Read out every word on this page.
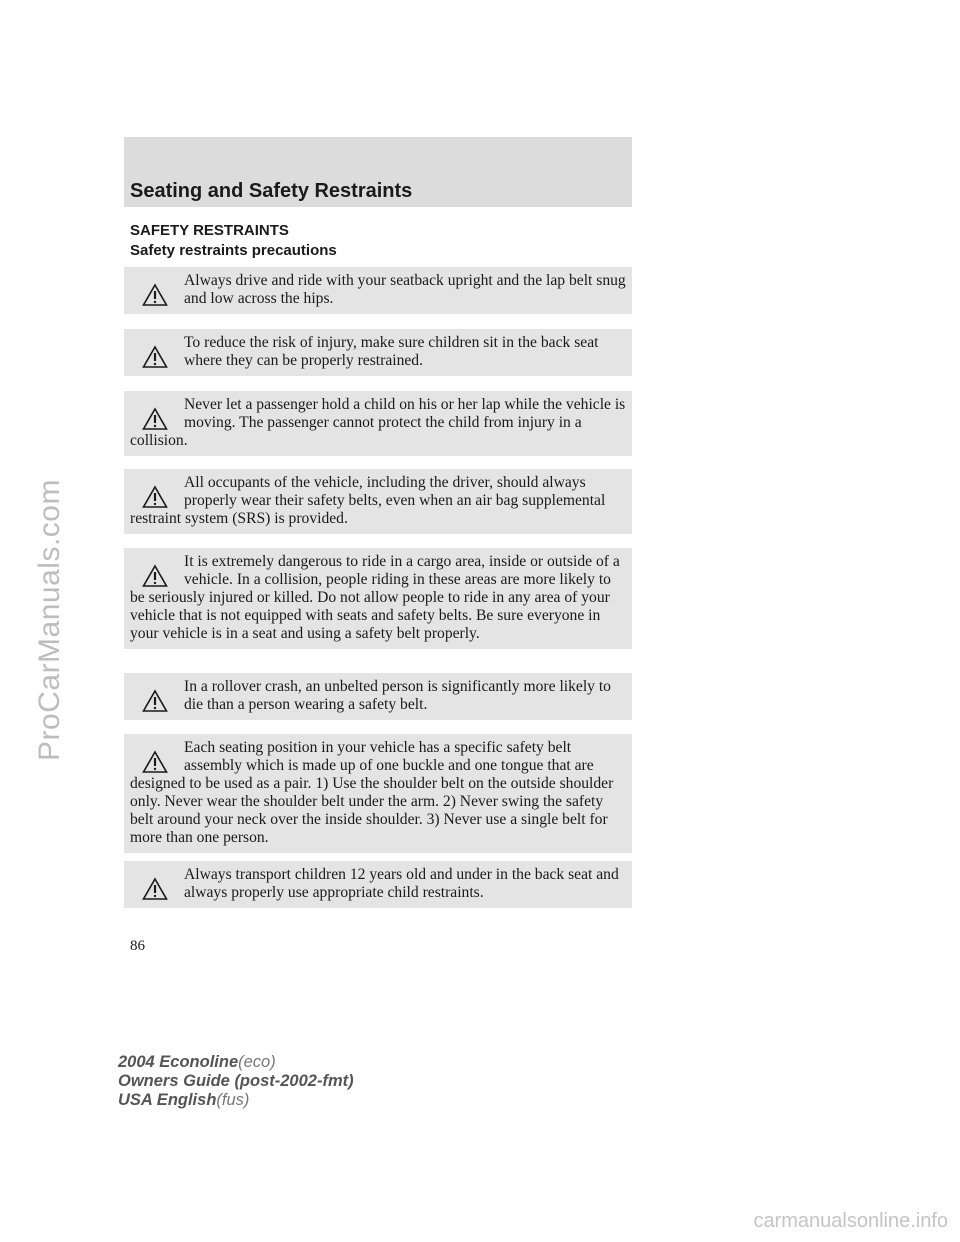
ProCarManuals.com
Seating and Safety Restraints
SAFETY RESTRAINTS
Safety restraints precautions
Always drive and ride with your seatback upright and the lap belt snug and low across the hips.
To reduce the risk of injury, make sure children sit in the back seat where they can be properly restrained.
Never let a passenger hold a child on his or her lap while the vehicle is moving. The passenger cannot protect the child from injury in a collision.
All occupants of the vehicle, including the driver, should always properly wear their safety belts, even when an air bag supplemental restraint system (SRS) is provided.
It is extremely dangerous to ride in a cargo area, inside or outside of a vehicle. In a collision, people riding in these areas are more likely to be seriously injured or killed. Do not allow people to ride in any area of your vehicle that is not equipped with seats and safety belts. Be sure everyone in your vehicle is in a seat and using a safety belt properly.
In a rollover crash, an unbelted person is significantly more likely to die than a person wearing a safety belt.
Each seating position in your vehicle has a specific safety belt assembly which is made up of one buckle and one tongue that are designed to be used as a pair. 1) Use the shoulder belt on the outside shoulder only. Never wear the shoulder belt under the arm. 2) Never swing the safety belt around your neck over the inside shoulder. 3) Never use a single belt for more than one person.
Always transport children 12 years old and under in the back seat and always properly use appropriate child restraints.
86
2004 Econoline(eco)
Owners Guide (post-2002-fmt)
USA English(fus)
carmanualsonline.info
